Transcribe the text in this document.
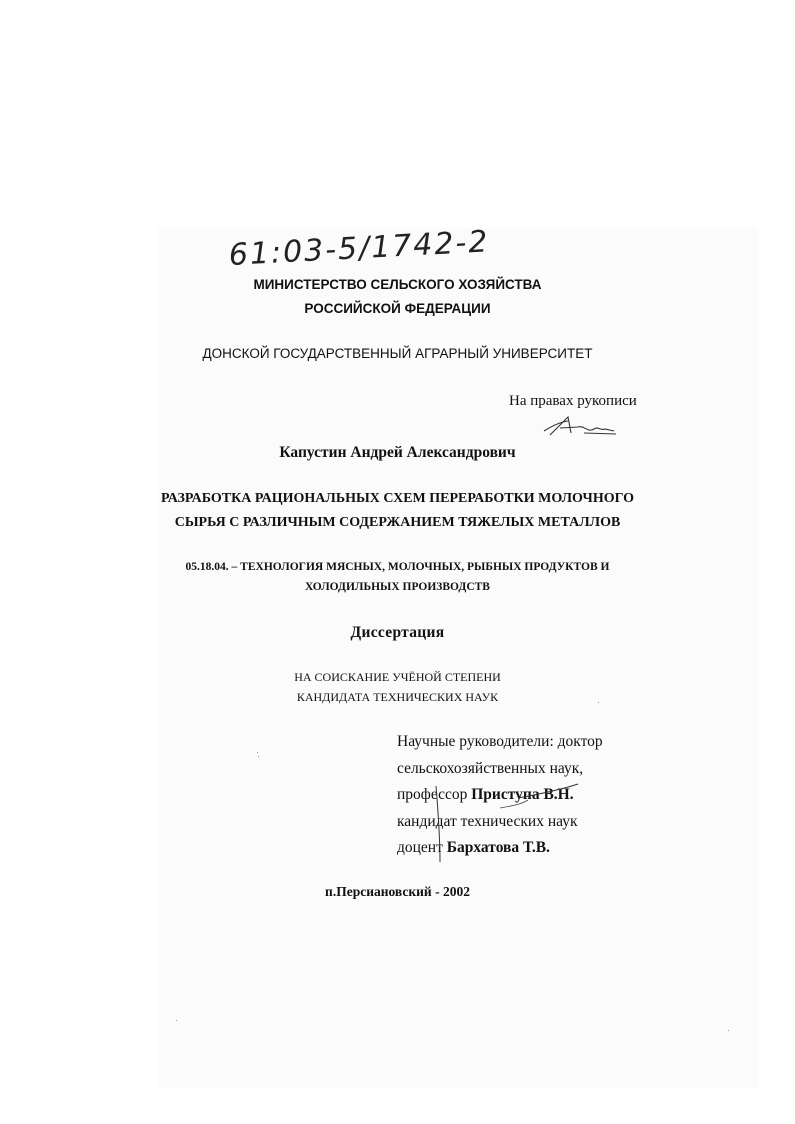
61:03-5/1742-2
МИНИСТЕРСТВО СЕЛЬСКОГО ХОЗЯЙСТВА
РОССИЙСКОЙ ФЕДЕРАЦИИ
ДОНСКОЙ ГОСУДАРСТВЕННЫЙ АГРАРНЫЙ УНИВЕРСИТЕТ
На правах рукописи
Капустин Андрей Александрович
РАЗРАБОТКА РАЦИОНАЛЬНЫХ СХЕМ ПЕРЕРАБОТКИ МОЛОЧНОГО
СЫРЬЯ С РАЗЛИЧНЫМ СОДЕРЖАНИЕМ ТЯЖЕЛЫХ МЕТАЛЛОВ
05.18.04. – ТЕХНОЛОГИЯ МЯСНЫХ, МОЛОЧНЫХ, РЫБНЫХ ПРОДУКТОВ И
ХОЛОДИЛЬНЫХ ПРОИЗВОДСТВ
Диссертация
НА СОИСКАНИЕ УЧЁНОЙ СТЕПЕНИ
КАНДИДАТА ТЕХНИЧЕСКИХ НАУК
Научные руководители: доктор
сельскохозяйственных наук,
профессор Приступа В.Н.
кандидат технических наук
доцент Бархатова Т.В.
п.Персиановский - 2002
